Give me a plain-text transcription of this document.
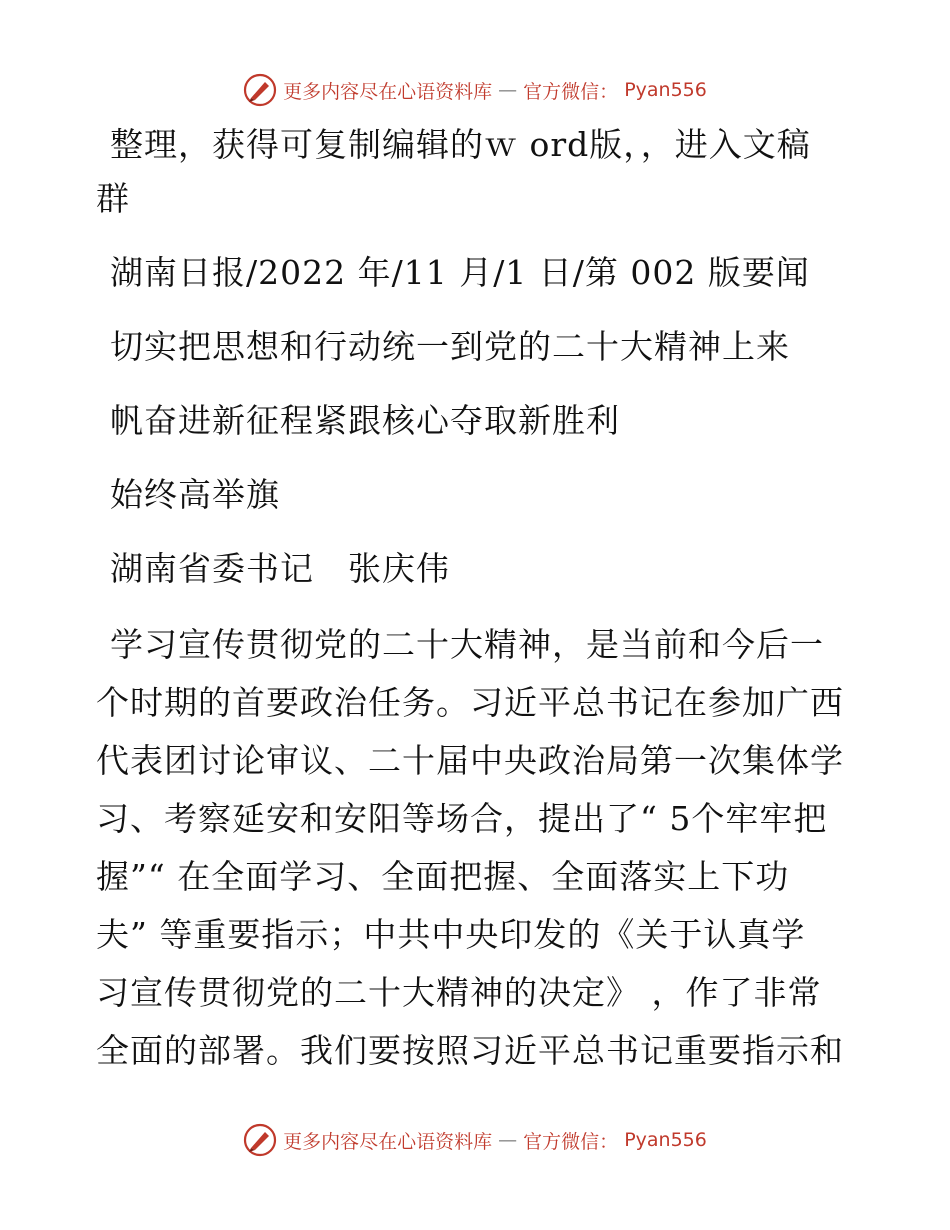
更多内容尽在心语资料库 — 官方微信： Pyan556
整理，获得可复制编辑的ｗ ord版，，进入文稿
群
湖南日报/2022 年/11 月/1 日/第 002 版要闻
切实把思想和行动统一到党的二十大精神上来
帆奋进新征程紧跟核心夺取新胜利
始终高举旗
湖南省委书记　张庆伟
学习宣传贯彻党的二十大精神，是当前和今后一
个时期的首要政治任务。习近平总书记在参加广西
代表团讨论审议、二十届中央政治局第一次集体学
习、考察延安和安阳等场合，提出了“ 5个牢牢把
握”“ 在全面学习、全面把握、全面落实上下功
夫” 等重要指示；中共中央印发的《关于认真学
习宣传贯彻党的二十大精神的决定》 ，作了非常
全面的部署。我们要按照习近平总书记重要指示和
更多内容尽在心语资料库 — 官方微信： Pyan556
